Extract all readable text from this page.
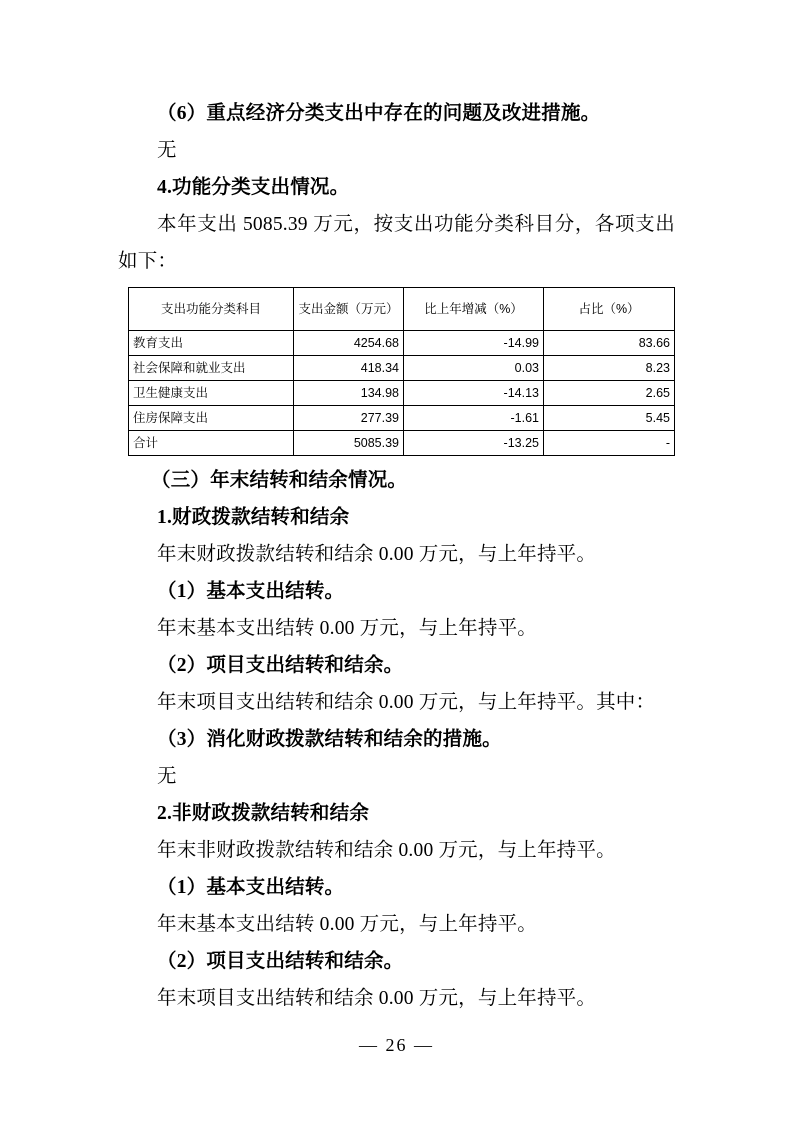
（6）重点经济分类支出中存在的问题及改进措施。

无

4.功能分类支出情况。

本年支出 5085.39 万元，按支出功能分类科目分，各项支出如下：

支出功能分类科目	支出金额（万元）	比上年增减（%）	占比（%）
教育支出	4254.68	-14.99	83.66
社会保障和就业支出	418.34	0.03	8.23
卫生健康支出	134.98	-14.13	2.65
住房保障支出	277.39	-1.61	5.45
合计	5085.39	-13.25	-

（三）年末结转和结余情况。

1.财政拨款结转和结余

年末财政拨款结转和结余 0.00 万元，与上年持平。

（1）基本支出结转。

年末基本支出结转 0.00 万元，与上年持平。

（2）项目支出结转和结余。

年末项目支出结转和结余 0.00 万元，与上年持平。其中：

（3）消化财政拨款结转和结余的措施。

无

2.非财政拨款结转和结余

年末非财政拨款结转和结余 0.00 万元，与上年持平。

（1）基本支出结转。

年末基本支出结转 0.00 万元，与上年持平。

（2）项目支出结转和结余。

年末项目支出结转和结余 0.00 万元，与上年持平。

— 26 —
